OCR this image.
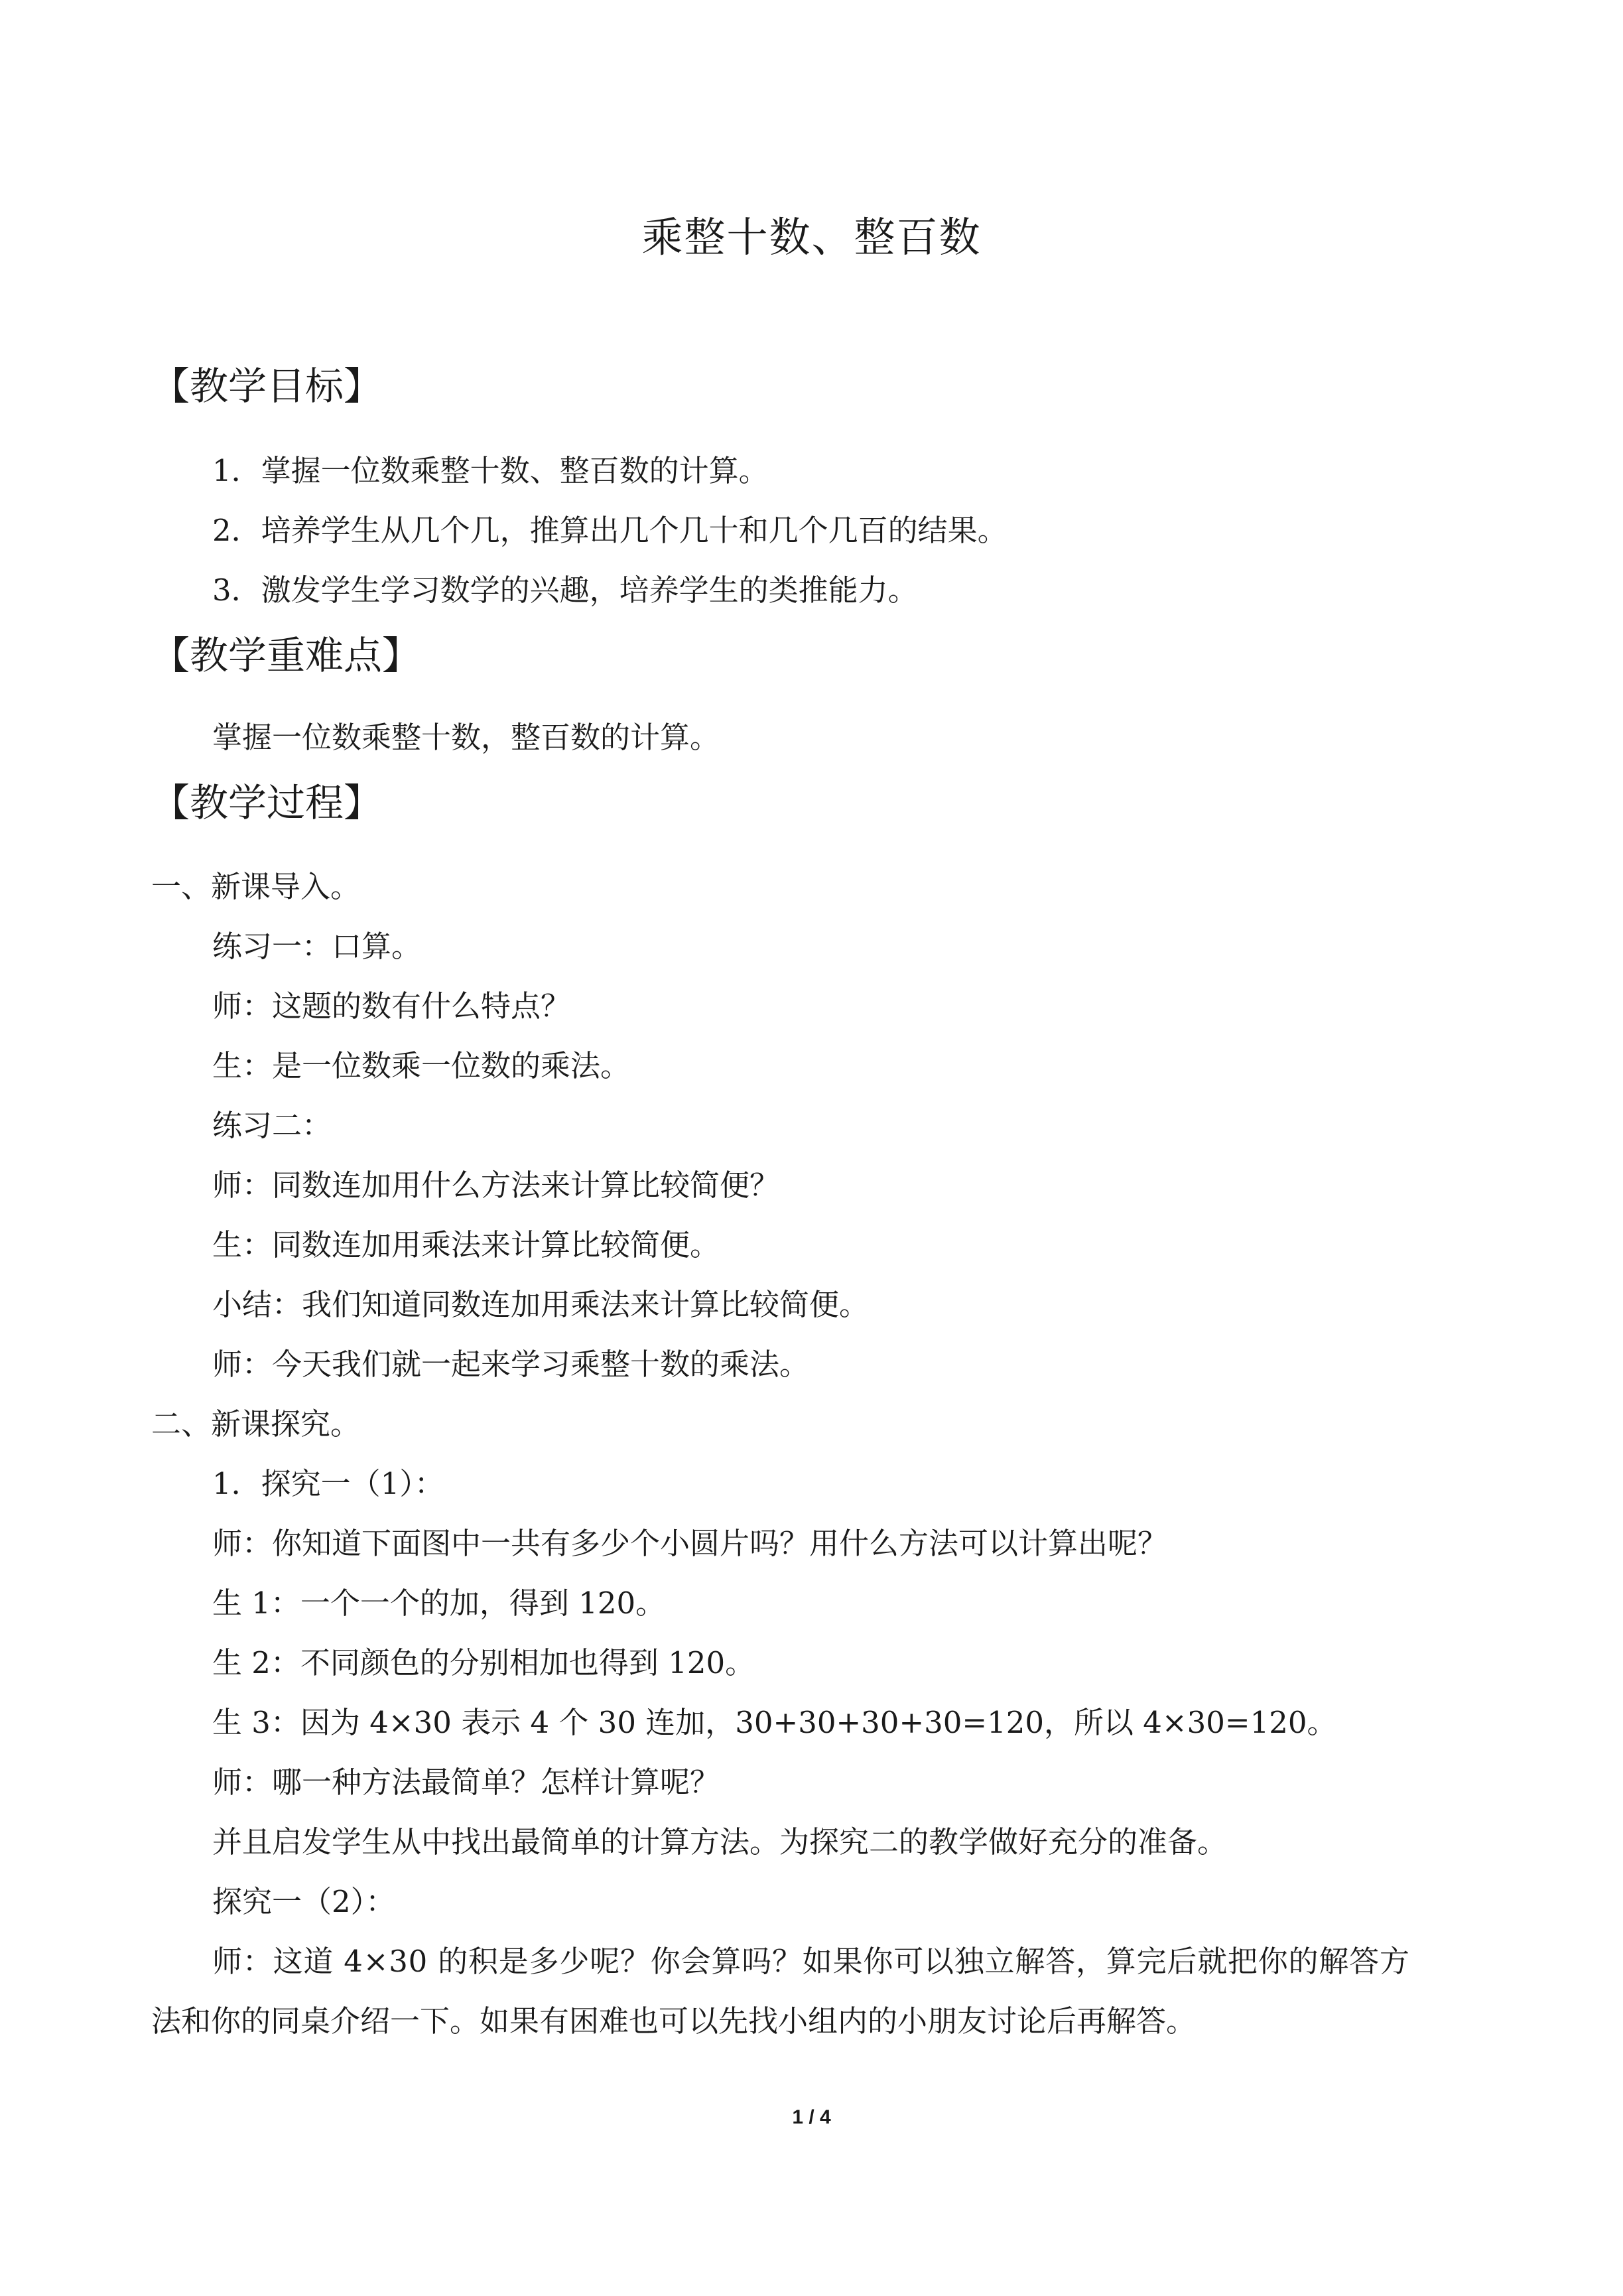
乘整十数、整百数
【教学目标】
1．掌握一位数乘整十数、整百数的计算。
2．培养学生从几个几，推算出几个几十和几个几百的结果。
3．激发学生学习数学的兴趣，培养学生的类推能力。
【教学重难点】
掌握一位数乘整十数，整百数的计算。
【教学过程】
一、新课导入。
练习一：口算。
师：这题的数有什么特点？
生：是一位数乘一位数的乘法。
练习二：
师：同数连加用什么方法来计算比较简便？
生：同数连加用乘法来计算比较简便。
小结：我们知道同数连加用乘法来计算比较简便。
师：今天我们就一起来学习乘整十数的乘法。
二、新课探究。
1．探究一（1）：
师：你知道下面图中一共有多少个小圆片吗？用什么方法可以计算出呢？
生 1：一个一个的加，得到 120。
生 2：不同颜色的分别相加也得到 120。
生 3：因为 4×30 表示 4 个 30 连加，30+30+30+30=120，所以 4×30=120。
师：哪一种方法最简单？怎样计算呢？
并且启发学生从中找出最简单的计算方法。为探究二的教学做好充分的准备。
探究一（2）：
师：这道 4×30 的积是多少呢？你会算吗？如果你可以独立解答，算完后就把你的解答方
法和你的同桌介绍一下。如果有困难也可以先找小组内的小朋友讨论后再解答。
1 / 4
